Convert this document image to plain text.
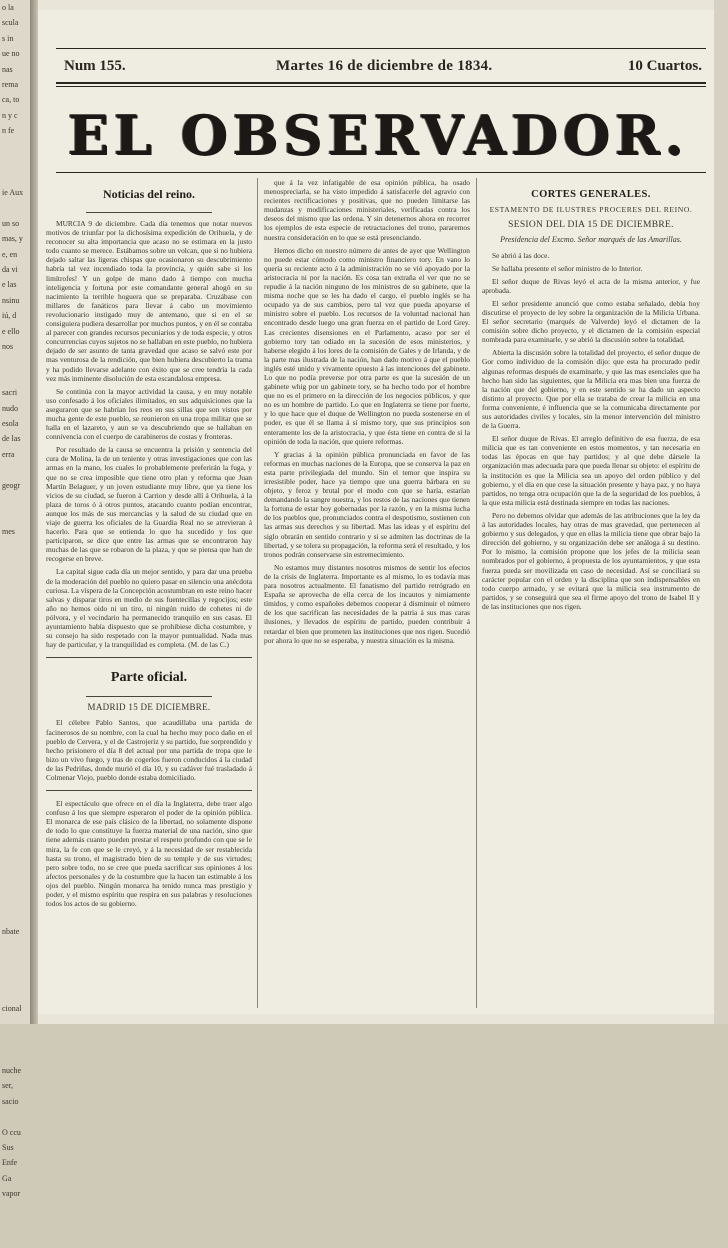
o la
scula
s in
ue no
nas
rema
ca, to
n y c
n fe

ie Aux

un so
mas, y
e, en
da vi
e las
nsinu
iú, d
e ello
nos

sacri
nudo
esola
de las
erra

geogr

mes

nbate

cional

nuche
ser,
sacio

O ccu
Sus
Enfe
Ga
vapor

Num 155.	Martes 16 de diciembre de 1834.	10 Cuartos.
EL OBSERVADOR.
Noticias del reino.

MURCIA 9 de diciembre. Cada día tenemos que notar nuevos motivos de triunfar por la dichosísima expedición de Orihuela, y de reconocer su alta importancia que acaso no se estimara en la justo todo cuanto se merece. Estábamos sobre un volcan, que si no hubiera dejado saltar las ligeras chispas que ocasionaron su descubrimiento habría tal vez incendiado toda la provincia, y quién sabe si los limítrofes! Y un golpe de mano dado á tiempo con mucha inteligencia y fortuna por este comandante general ahogó en su nacimiento la terrible hoguera que se preparaba. Cruzábase con millares de fanáticos para llevar á cabo un movimiento revolucionario instigado muy de antemano, que si en el se consiguiera pudiera desarrollar por muchos puntos, y en él se contaba al parecer con grandes recursos pecuniarios y de toda especie, y otros concurrencias cuyos sujetos no se hallaban en este pueblo, no hubiera dejado de ser asunto de tanta gravedad que acaso se salvó este por mas venturosa de la rendición, que bien hubiera descubierto la trama y ha podido llevarse adelante con éxito que se cree tendría la cada vez más inminente disolución de esta escandalosa empresa.

Se continúa con la mayor actividad la causa, y en muy notable uso confesado á los oficiales ilimitados, en sus adquisiciones que la aseguraron que se habrían los reos en sus sillas que son vistos por mucha gente de este pueblo, se reunieron en una tropa militar que se halla en el lazareto, y aun se va descubriendo que se hallaban en connivencia con el cuerpo de carabineros de costas y fronteras.

Por resultado de la causa se encuentra la prisión y sentencia del cura de Molina, la de un teniente y otras investigaciones que con las armas en la mano, los cuales lo probablemente preferirán la fuga, y que no se crea imposible que tiene otro plan y reforma que Juan Martín Belaguer, y un joven estudiante muy libre, que ya tiene los vicios de su ciudad, se fueron á Carrion y desde allí á Orihuela, á la plaza de toros ó á otros puntos, atacando cuanto podían encontrar, aunque los más de sus mercancías y la salud de su ciudad que en viaje de guerra los oficiales de la Guardia Real no se atrevieran á hacerlo. Para que se entienda lo que ha sucedido y los que participaron, se dice que entre las armas que se encontraron hay muchas de las que se robaron de la plaza, y que se piensa que han de recogerse en breve.

La capital sigue cada día un mejor sentido, y para dar una prueba de la moderación del pueblo no quiero pasar en silencio una anécdota curiosa. La víspera de la Concepción acostumbran en este reino hacer salvas y disparar tiros en medio de sus fuentecillas y regocijos; este año no hemos oido ni un tiro, ni ningún ruido de cohetes ni de pólvora, y el vecindario ha permanecido tranquilo en sus casas. El ayuntamiento había dispuesto que se prohibiese dicha costumbre, y su consejo ha sido respetado con la mayor puntualidad. Nada mas hay de particular, y la tranquilidad es completa. (M. de las C.)

Parte oficial.
MADRID 15 DE DICIEMBRE.

El célebre Pablo Santos, que acaudillaba una partida de facinerosos de su nombre, con la cual ha hecho muy poco daño en el pueblo de Cervera, y el de Castrojeriz y su partido, fue sorprendido y hecho prisionero el día 8 del actual por una partida de tropa que le hizo un vivo fuego, y tras de cogerlos fueron conducidos á la ciudad de las Pedriñas, donde murió el día 10, y su cadáver fué trasladado á Colmenar Viejo, pueblo donde estaba domiciliado.

El espectáculo que ofrece en el día la Inglaterra, debe traer algo confuso á los que siempre esperaron el poder de la opinión pública. El monarca de ese país clásico de la libertad, no solamente dispone de todo lo que constituye la fuerza material de una nación, sino que tiene además cuanto pueden prestar el respeto profundo con que se le mira, la fe con que se le creyó, y á la necesidad de ser restablecida hasta su trono, el magistrado bien de su temple y de sus virtudes; pero sobre todo, no se cree que pueda sacrificar sus opiniones á los afectos personales y de la costumbre que la hacen tan estimable á los ojos del pueblo. Ningún monarca ha tenido nunca mas prestigio y poder, y el mismo espíritu que respira en sus palabras y resoluciones todos los actos de su gobierno.

que á la vez infatigable de esa opinión pública, ha osado menospreciarla, se ha visto impedido á satisfacerle del agravio con recientes rectificaciones y positivas, que no pueden limitarse las mudanzas y modificaciones ministeriales, verificadas contra los deseos del mismo que las ordena. Y sin detenernos ahora en recorrer los ejemplos de esta especie de retractaciones del trono, pararemos nuestra consideración en lo que se está presenciando.

Hemos dicho en nuestro número de antes de ayer que Wellington no puede estar cómodo como ministro financiero tory. En vano lo quería su reciente acto á la administración no se vió apoyado por la aristocracia ni por la nación. Es cosa tan extraña el ver que no se repudie á la nación ninguno de los ministros de su gabinete, que la misma noche que se les ha dado el cargo, el pueblo inglés se ha ocupado ya de sus cambios, pero tal vez que pueda apoyarse el ministro sobre el pueblo. Los recursos de la voluntad nacional han encontrado desde luego una gran fuerza en el partido de Lord Grey. Las crecientes disensiones en el Parlamento, acaso por ser el gobierno tory tan odiado en la sucesión de esos ministerios, y haberse elegido á los lores de la comisión de Gales y de Irlanda, y de la parte mas ilustrada de la nación, han dado motivo á que el pueblo inglés esté unido y vivamente opuesto á las intenciones del gabinete. Lo que no podía preverse por otra parte es que la sucesión de un gabinete whig por un gabinete tory, se ha hecho todo por el hombre que no es el primero en la dirección de los negocios públicos, y que no es un hombre de partido. Lo que en Inglaterra se tiene por fuerte, y lo que hace que el duque de Wellington no pueda sostenerse en el poder, es que él se llama á sí mismo tory, que sus principios son enteramente los de la aristocracia, y que ésta tiene en contra de sí la opinión de toda la nación, que quiere reformas.

Y gracias á la opinión pública pronunciada en favor de las reformas en muchas naciones de la Europa, que se conserva la paz en esta parte privilegiada del mundo. Sin el temor que inspira su irresistible poder, hace ya tiempo que una guerra bárbara en su objeto, y feroz y brutal por el modo con que se haría, estarían demandando la sangre nuestra, y los restos de las naciones que tienen la fortuna de estar hoy gobernadas por la razón, y en la misma lucha de los pueblos que, pronunciados contra el despotismo, sostienen con las armas sus derechos y su libertad. Mas las ideas y el espíritu del siglo obrarán en sentido contrario y si se admiten las doctrinas de la libertad, y se tolera su propagación, la reforma será el resultado, y los tronos podrán conservarse sin estremecimiento.

No estamos muy distantes nosotros mismos de sentir los efectos de la crisis de Inglaterra. Importante es al mismo, lo es todavía mas para nosotros actualmente. El fanatismo del partido retrógrado en España se aprovecha de ella cerca de los incautos y nimiamente tímidos, y como españoles debemos cooperar á disminuir el número de los que sacrifican las necesidades de la patria á sus mas caras ilusiones, y llevados de espíritu de partido, pueden contribuir á retardar el bien que prometen las instituciones que nos rigen. Sucedió por ahora lo que no se esperaba, y nuestra situación es la misma.

CORTES GENERALES.
ESTAMENTO DE ILUSTRES PROCERES DEL REINO.
SESION DEL DIA 15 DE DICIEMBRE.
Presidencia del Excmo. Señor marqués de las Amarillas.

Se abrió á las doce.

Se hallaba presente el señor ministro de lo Interior.

El señor duque de Rivas leyó el acta de la misma anterior, y fue aprobada.

El señor presidente anunció que como estaba señalado, debía hoy discutirse el proyecto de ley sobre la organización de la Milicia Urbana. El señor secretario (marqués de Valverde) leyó el dictamen de la comisión sobre dicho proyecto, y el dictamen de la comisión especial nombrada para examinarle, y se abrió la discusión sobre la totalidad.

Abierta la discusión sobre la totalidad del proyecto, el señor duque de Gor como individuo de la comisión dijo: que esta ha procurado pedir algunas reformas después de examinarle, y que las mas esenciales que ha hecho han sido las siguientes, que la Milicia era mas bien una fuerza de la nación que del gobierno, y en este sentido se ha dado un aspecto distinto al proyecto. Que por ella se trataba de crear la milicia en una forma conveniente, é influencia que se la comunicaba directamente por sus autoridades civiles y locales, sin la menor intervención del ministro de la Guerra.

El señor duque de Rivas. El arreglo definitivo de esa fuerza, de esa milicia que es tan conveniente en estos momentos, y tan necesaria en todas las épocas en que hay partidos; y al que debe dársele la organización mas adecuada para que pueda llenar su objeto: el espíritu de la institución es que la Milicia sea un apoyo del orden público y del gobierno, y el día en que cese la situación presente y haya paz, y no haya partidos, no tenga otra ocupación que la de la seguridad de los pueblos, á la que esta milicia está destinada siempre en todas las naciones.

Pero no debemos olvidar que además de las atribuciones que la ley da á las autoridades locales, hay otras de mas gravedad, que pertenecen al gobierno y sus delegados, y que en ellas la milicia tiene que obrar bajo la dirección del gobierno, y su organización debe ser análoga á su destino. Por lo mismo, la comisión propone que los jefes de la milicia sean nombrados por el gobierno, á propuesta de los ayuntamientos, y que esta fuerza pueda ser movilizada en caso de necesidad. Así se conciliará su carácter popular con el orden y la disciplina que son indispensables en todo cuerpo armado, y se evitará que la milicia sea instrumento de partidos, y se conseguirá que sea el firme apoyo del trono de Isabel II y de las instituciones que nos rigen.
